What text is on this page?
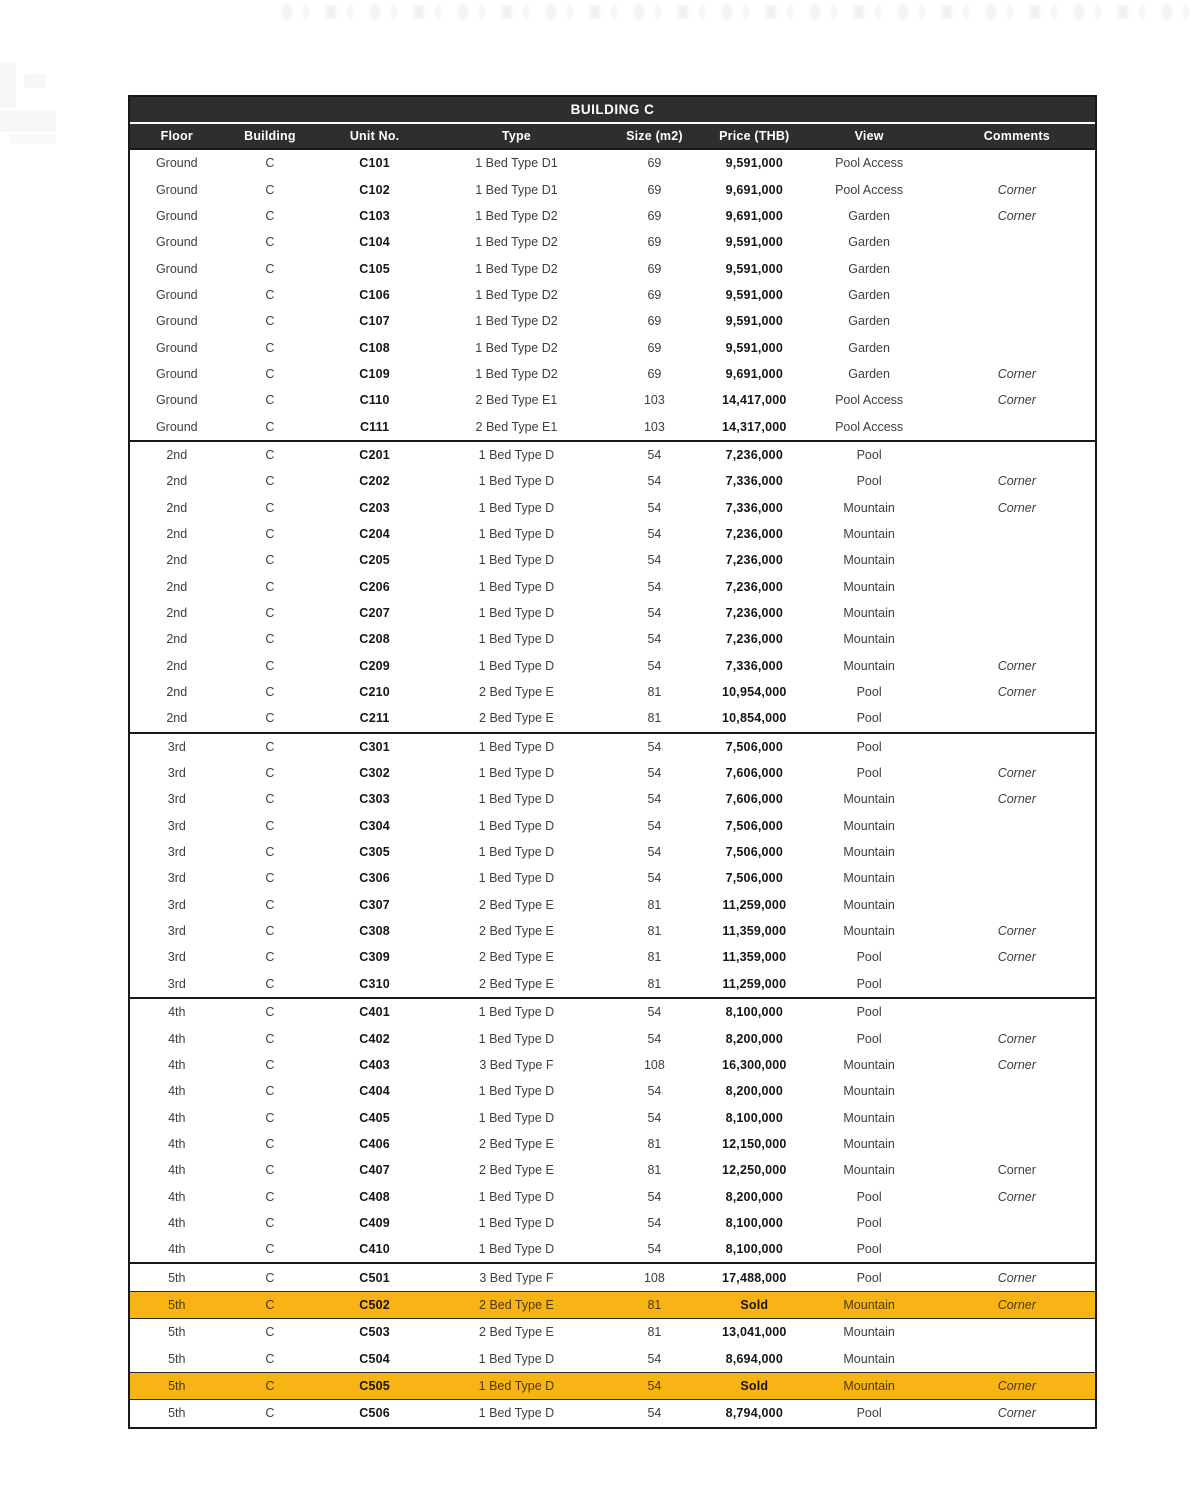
BUILDING C
Floor	Building	Unit No.	Type	Size (m2)	Price (THB)	View	Comments
Ground	C	C101	1 Bed Type D1	69	9,591,000	Pool Access	
Ground	C	C102	1 Bed Type D1	69	9,691,000	Pool Access	Corner
Ground	C	C103	1 Bed Type D2	69	9,691,000	Garden	Corner
Ground	C	C104	1 Bed Type D2	69	9,591,000	Garden	
Ground	C	C105	1 Bed Type D2	69	9,591,000	Garden	
Ground	C	C106	1 Bed Type D2	69	9,591,000	Garden	
Ground	C	C107	1 Bed Type D2	69	9,591,000	Garden	
Ground	C	C108	1 Bed Type D2	69	9,591,000	Garden	
Ground	C	C109	1 Bed Type D2	69	9,691,000	Garden	Corner
Ground	C	C110	2 Bed Type E1	103	14,417,000	Pool Access	Corner
Ground	C	C111	2 Bed Type E1	103	14,317,000	Pool Access	
2nd	C	C201	1 Bed Type D	54	7,236,000	Pool	
2nd	C	C202	1 Bed Type D	54	7,336,000	Pool	Corner
2nd	C	C203	1 Bed Type D	54	7,336,000	Mountain	Corner
2nd	C	C204	1 Bed Type D	54	7,236,000	Mountain	
2nd	C	C205	1 Bed Type D	54	7,236,000	Mountain	
2nd	C	C206	1 Bed Type D	54	7,236,000	Mountain	
2nd	C	C207	1 Bed Type D	54	7,236,000	Mountain	
2nd	C	C208	1 Bed Type D	54	7,236,000	Mountain	
2nd	C	C209	1 Bed Type D	54	7,336,000	Mountain	Corner
2nd	C	C210	2 Bed Type E	81	10,954,000	Pool	Corner
2nd	C	C211	2 Bed Type E	81	10,854,000	Pool	
3rd	C	C301	1 Bed Type D	54	7,506,000	Pool	
3rd	C	C302	1 Bed Type D	54	7,606,000	Pool	Corner
3rd	C	C303	1 Bed Type D	54	7,606,000	Mountain	Corner
3rd	C	C304	1 Bed Type D	54	7,506,000	Mountain	
3rd	C	C305	1 Bed Type D	54	7,506,000	Mountain	
3rd	C	C306	1 Bed Type D	54	7,506,000	Mountain	
3rd	C	C307	2 Bed Type E	81	11,259,000	Mountain	
3rd	C	C308	2 Bed Type E	81	11,359,000	Mountain	Corner
3rd	C	C309	2 Bed Type E	81	11,359,000	Pool	Corner
3rd	C	C310	2 Bed Type E	81	11,259,000	Pool	
4th	C	C401	1 Bed Type D	54	8,100,000	Pool	
4th	C	C402	1 Bed Type D	54	8,200,000	Pool	Corner
4th	C	C403	3 Bed Type F	108	16,300,000	Mountain	Corner
4th	C	C404	1 Bed Type D	54	8,200,000	Mountain	
4th	C	C405	1 Bed Type D	54	8,100,000	Mountain	
4th	C	C406	2 Bed Type E	81	12,150,000	Mountain	
4th	C	C407	2 Bed Type E	81	12,250,000	Mountain	Corner
4th	C	C408	1 Bed Type D	54	8,200,000	Pool	Corner
4th	C	C409	1 Bed Type D	54	8,100,000	Pool	
4th	C	C410	1 Bed Type D	54	8,100,000	Pool	
5th	C	C501	3 Bed Type F	108	17,488,000	Pool	Corner
5th	C	C502	2 Bed Type E	81	Sold	Mountain	Corner
5th	C	C503	2 Bed Type E	81	13,041,000	Mountain	
5th	C	C504	1 Bed Type D	54	8,694,000	Mountain	
5th	C	C505	1 Bed Type D	54	Sold	Mountain	Corner
5th	C	C506	1 Bed Type D	54	8,794,000	Pool	Corner
